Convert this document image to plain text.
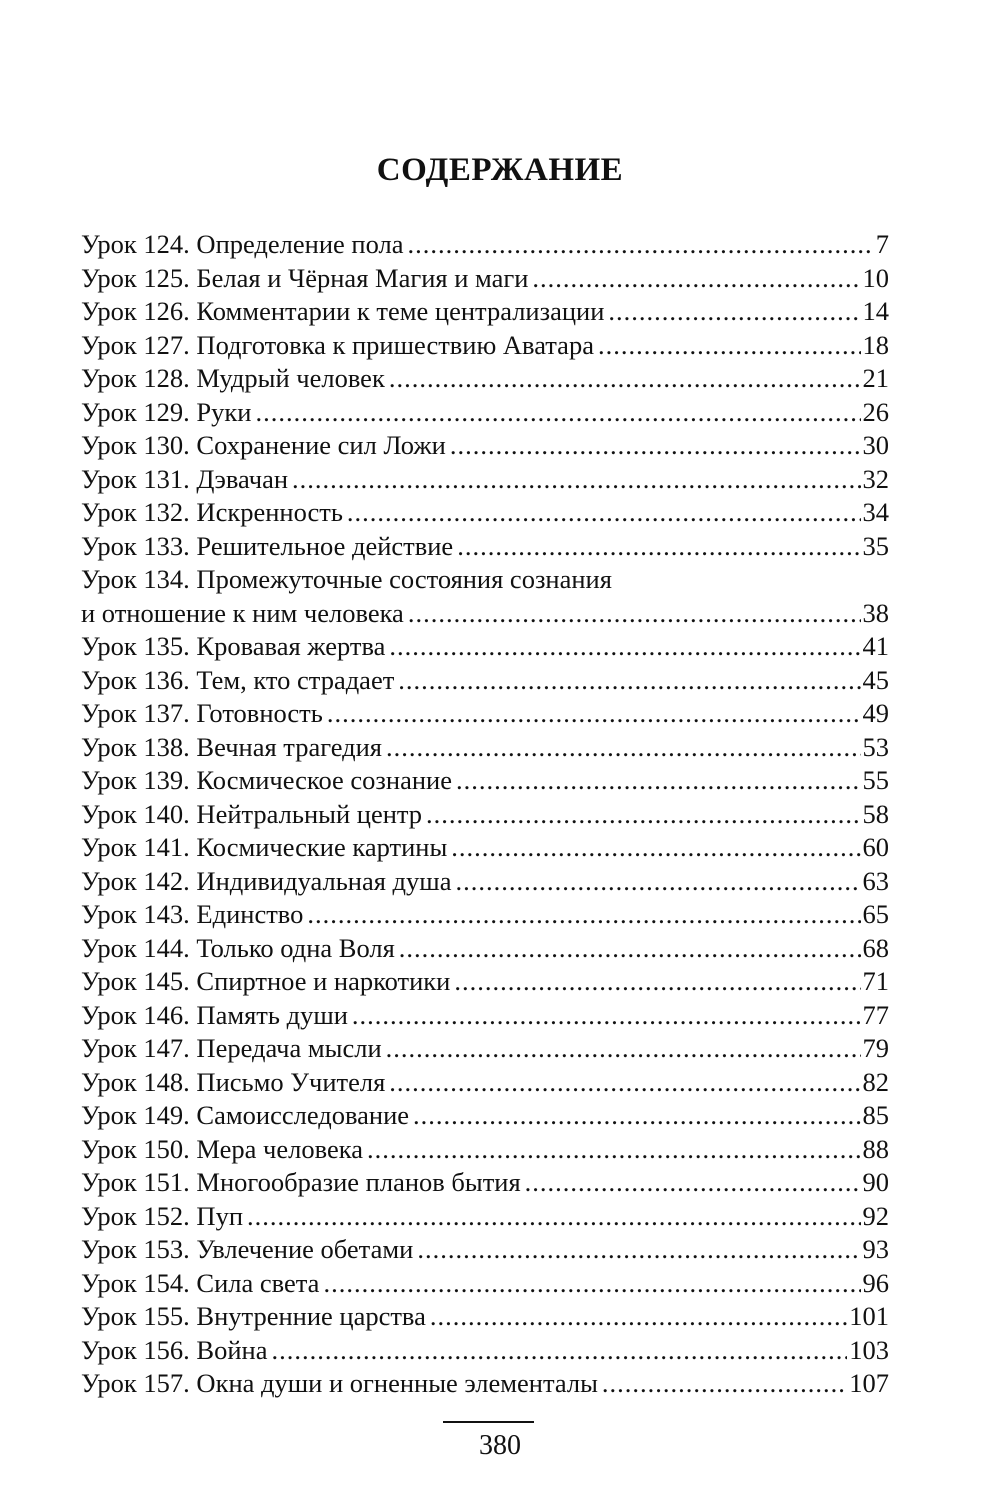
СОДЕРЖАНИЕ
Урок 124. Определение пола .....	7
Урок 125. Белая и Чёрная Магия и маги .....	10
Урок 126. Комментарии к теме централизации .....	14
Урок 127. Подготовка к пришествию Аватара .....	18
Урок 128. Мудрый человек .....	21
Урок 129. Руки .....	26
Урок 130. Сохранение сил Ложи .....	30
Урок 131. Дэвачан .....	32
Урок 132. Искренность .....	34
Урок 133. Решительное действие .....	35
Урок 134. Промежуточные состояния сознания
и отношение к ним человека .....	38
Урок 135. Кровавая жертва .....	41
Урок 136. Тем, кто страдает .....	45
Урок 137. Готовность .....	49
Урок 138. Вечная трагедия .....	53
Урок 139. Космическое сознание .....	55
Урок 140. Нейтральный центр .....	58
Урок 141. Космические картины .....	60
Урок 142. Индивидуальная душа .....	63
Урок 143. Единство .....	65
Урок 144. Только одна Воля .....	68
Урок 145. Спиртное и наркотики .....	71
Урок 146. Память души .....	77
Урок 147. Передача мысли .....	79
Урок 148. Письмо Учителя .....	82
Урок 149. Самоисследование .....	85
Урок 150. Мера человека .....	88
Урок 151. Многообразие планов бытия .....	90
Урок 152. Пуп .....	92
Урок 153. Увлечение обетами .....	93
Урок 154. Сила света .....	96
Урок 155. Внутренние царства .....	101
Урок 156. Война .....	103
Урок 157. Окна души и огненные элементалы .....	107
380
